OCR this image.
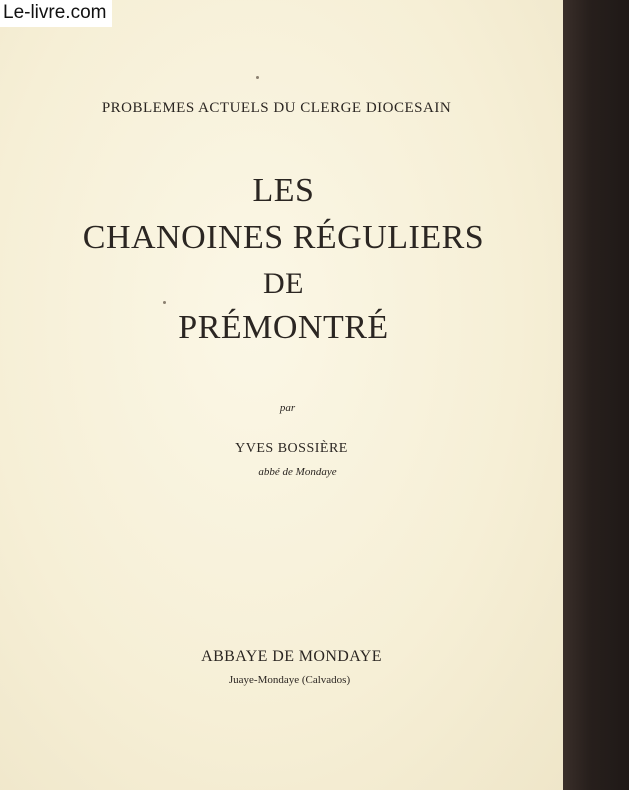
PROBLEMES ACTUELS DU CLERGE DIOCESAIN
LES
CHANOINES RÉGULIERS
DE
PRÉMONTRÉ
par
YVES BOSSIÈRE
abbé de Mondaye
ABBAYE DE MONDAYE
Juaye-Mondaye (Calvados)
Le-livre.com
